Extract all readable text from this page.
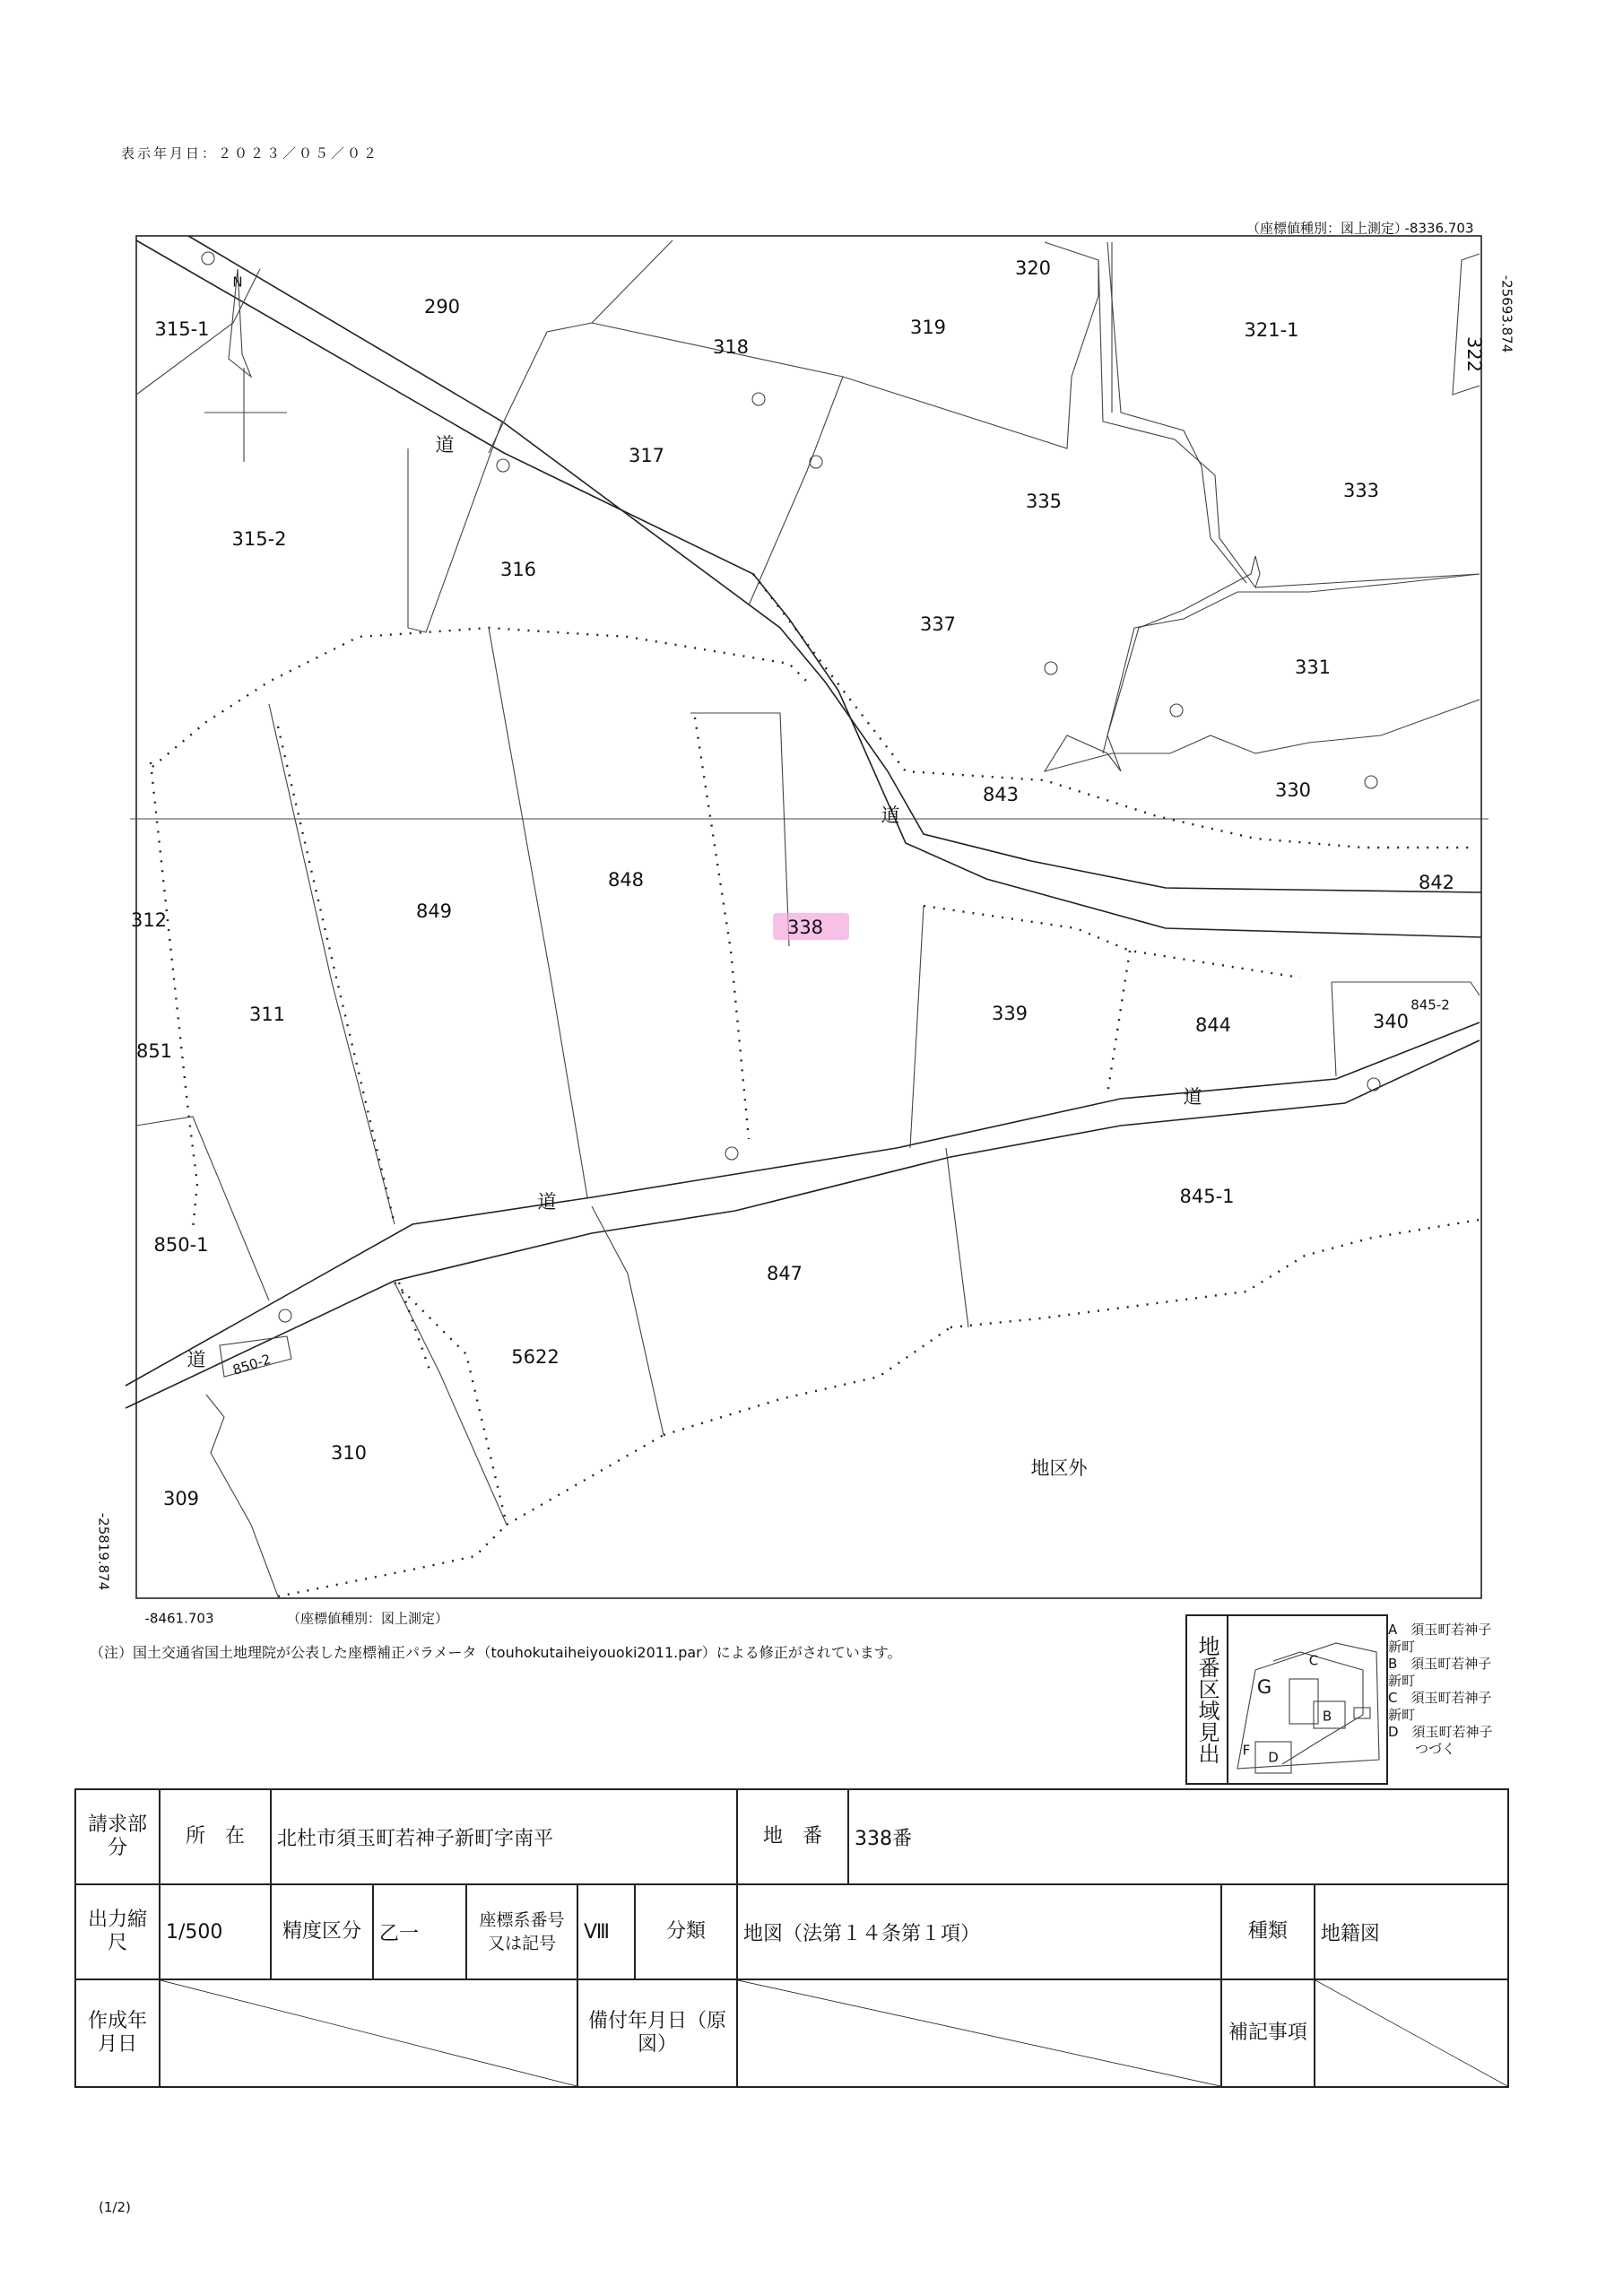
表示年月日：２０２３／０５／０２
N
（座標値種別：図上測定）
-8336.703
-25693.874
-8461.703	（座標値種別：図上測定）
-25819.874
290
315-1
315-2
316
317
318
319
320
321-1
322
333
335
337
331
330
843
842
848
849
312	338
339
844	340
845-2
311
851
845-1
850-1
847
5622
850-2
310
309
地区外
道
道
道
道
道
（注）国土交通省国土地理院が公表した座標補正パラメータ（touhokutaiheiyouoki2011.par）による修正がされています。	地番区域見出	G
B
C
D
F
A　須玉町若神子新町
B　須玉町若神子新町
C　須玉町若神子新町
D　須玉町若神子
　　つづく
請求部分	所　在	北杜市須玉町若神子新町字南平					地　番	338番		
出力縮尺	1/500	精度区分	乙一	座標系番号又は記号	Ⅷ	分類	地図（法第１４条第１項）		種類	地籍図
作成年月日					備付年月日（原図）				補記事項	
(1/2)
